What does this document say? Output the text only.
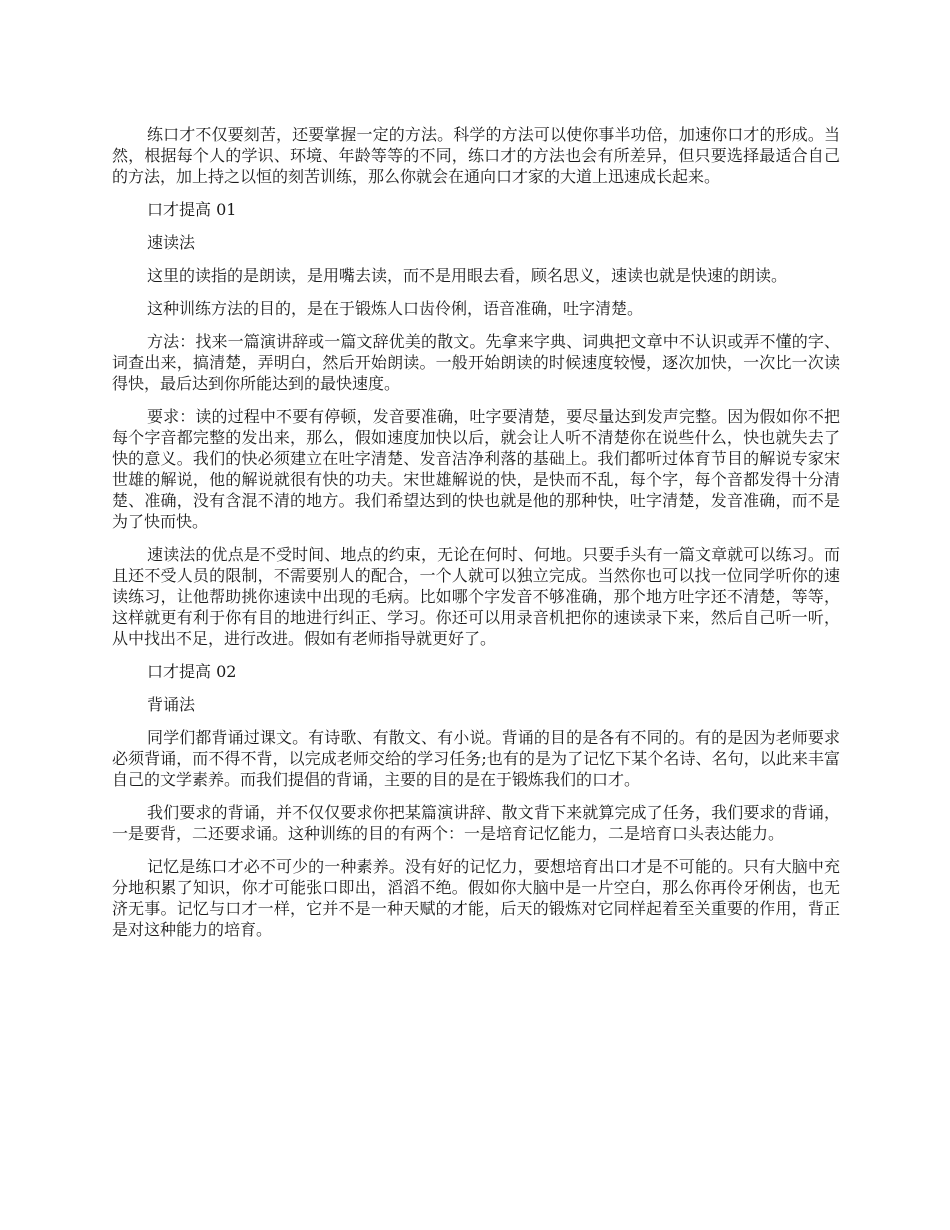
练口才不仅要刻苦，还要掌握一定的方法。科学的方法可以使你事半功倍，加速你口才的形成。当然，根据每个人的学识、环境、年龄等等的不同，练口才的方法也会有所差异，但只要选择最适合自己的方法，加上持之以恒的刻苦训练，那么你就会在通向口才家的大道上迅速成长起来。

口才提高 01

速读法

这里的读指的是朗读，是用嘴去读，而不是用眼去看，顾名思义，速读也就是快速的朗读。

这种训练方法的目的，是在于锻炼人口齿伶俐，语音准确，吐字清楚。

方法：找来一篇演讲辞或一篇文辞优美的散文。先拿来字典、词典把文章中不认识或弄不懂的字、词查出来，搞清楚，弄明白，然后开始朗读。一般开始朗读的时候速度较慢，逐次加快，一次比一次读得快，最后达到你所能达到的最快速度。

要求：读的过程中不要有停顿，发音要准确，吐字要清楚，要尽量达到发声完整。因为假如你不把每个字音都完整的发出来，那么，假如速度加快以后，就会让人听不清楚你在说些什么，快也就失去了快的意义。我们的快必须建立在吐字清楚、发音洁净利落的基础上。我们都听过体育节目的解说专家宋世雄的解说，他的解说就很有快的功夫。宋世雄解说的快，是快而不乱，每个字，每个音都发得十分清楚、准确，没有含混不清的地方。我们希望达到的快也就是他的那种快，吐字清楚，发音准确，而不是为了快而快。

速读法的优点是不受时间、地点的约束，无论在何时、何地。只要手头有一篇文章就可以练习。而且还不受人员的限制，不需要别人的配合，一个人就可以独立完成。当然你也可以找一位同学听你的速读练习，让他帮助挑你速读中出现的毛病。比如哪个字发音不够准确，那个地方吐字还不清楚，等等，这样就更有利于你有目的地进行纠正、学习。你还可以用录音机把你的速读录下来，然后自己听一听，从中找出不足，进行改进。假如有老师指导就更好了。

口才提高 02

背诵法

同学们都背诵过课文。有诗歌、有散文、有小说。背诵的目的是各有不同的。有的是因为老师要求必须背诵，而不得不背，以完成老师交给的学习任务;也有的是为了记忆下某个名诗、名句，以此来丰富自己的文学素养。而我们提倡的背诵，主要的目的是在于锻炼我们的口才。

我们要求的背诵，并不仅仅要求你把某篇演讲辞、散文背下来就算完成了任务，我们要求的背诵，一是要背，二还要求诵。这种训练的目的有两个：一是培育记忆能力，二是培育口头表达能力。

记忆是练口才必不可少的一种素养。没有好的记忆力，要想培育出口才是不可能的。只有大脑中充分地积累了知识，你才可能张口即出，滔滔不绝。假如你大脑中是一片空白，那么你再伶牙俐齿，也无济无事。记忆与口才一样，它并不是一种天赋的才能，后天的锻炼对它同样起着至关重要的作用，背正是对这种能力的培育。
